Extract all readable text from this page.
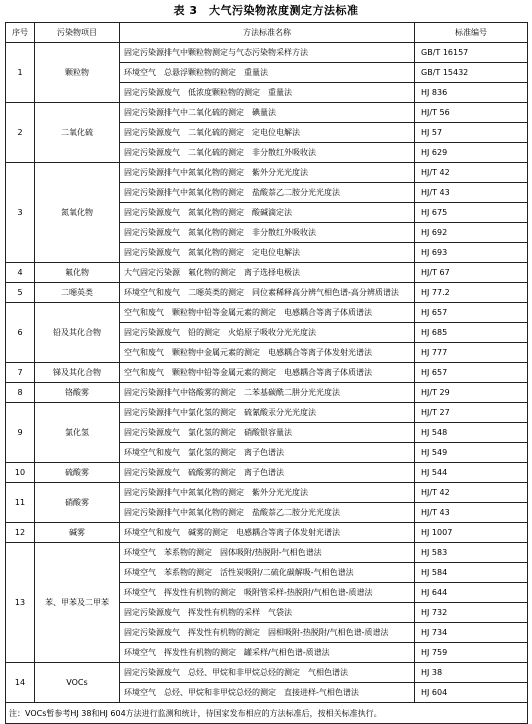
表 3　大气污染物浓度测定方法标准
序号	污染物项目	方法标准名称	标准编号
1	颗粒物	固定污染源排气中颗粒物测定与气态污染物采样方法	GB/T 16157
		环境空气　总悬浮颗粒物的测定　重量法	GB/T 15432
		固定污染源废气　低浓度颗粒物的测定　重量法	HJ 836
2	二氧化硫	固定污染源排气中二氧化硫的测定　碘量法	HJ/T 56
		固定污染源废气　二氧化硫的测定　定电位电解法	HJ 57
		固定污染源废气　二氧化硫的测定　非分散红外吸收法	HJ 629
3	氮氧化物	固定污染源排气中氮氧化物的测定　紫外分光光度法	HJ/T 42
		固定污染源排气中氮氧化物的测定　盐酸萘乙二胺分光光度法	HJ/T 43
		固定污染源废气　氮氧化物的测定　酸碱滴定法	HJ 675
		固定污染源废气　氮氧化物的测定　非分散红外吸收法	HJ 692
		固定污染源废气　氮氧化物的测定　定电位电解法	HJ 693
4	氟化物	大气固定污染源　氟化物的测定　离子选择电极法	HJ/T 67
5	二噁英类	环境空气和废气　二噁英类的测定　同位素稀释高分辨气相色谱-高分辨质谱法	HJ 77.2
6	铅及其化合物	空气和废气　颗粒物中铅等金属元素的测定　电感耦合等离子体质谱法	HJ 657
		固定污染源废气　铅的测定　火焰原子吸收分光光度法	HJ 685
		空气和废气　颗粒物中金属元素的测定　电感耦合等离子体发射光谱法	HJ 777
7	锑及其化合物	空气和废气　颗粒物中铅等金属元素的测定　电感耦合等离子体质谱法	HJ 657
8	铬酸雾	固定污染源排气中铬酸雾的测定　二苯基碳酰二肼分光光度法	HJ/T 29
9	氯化氢	固定污染源排气中氯化氢的测定　硫氰酸汞分光光度法	HJ/T 27
		固定污染源废气　氯化氢的测定　硝酸银容量法	HJ 548
		环境空气和废气　氯化氢的测定　离子色谱法	HJ 549
10	硫酸雾	固定污染源废气　硫酸雾的测定　离子色谱法	HJ 544
11	硝酸雾	固定污染源排气中氮氧化物的测定　紫外分光光度法	HJ/T 42
		固定污染源排气中氮氧化物的测定　盐酸萘乙二胺分光光度法	HJ/T 43
12	碱雾	环境空气和废气　碱雾的测定　电感耦合等离子体发射光谱法	HJ 1007
13	苯、甲苯及二甲苯	环境空气　苯系物的测定　固体吸附/热脱附-气相色谱法	HJ 583
		环境空气　苯系物的测定　活性炭吸附/二硫化碳解吸-气相色谱法	HJ 584
		环境空气　挥发性有机物的测定　吸附管采样-热脱附/气相色谱-质谱法	HJ 644
		固定污染源废气　挥发性有机物的采样　气袋法	HJ 732
		固定污染源废气　挥发性有机物的测定　固相吸附-热脱附/气相色谱-质谱法	HJ 734
		环境空气　挥发性有机物的测定　罐采样/气相色谱-质谱法	HJ 759
14	VOCs	固定污染源废气　总烃、甲烷和非甲烷总烃的测定　气相色谱法	HJ 38
		环境空气　总烃、甲烷和非甲烷总烃的测定　直接进样-气相色谱法	HJ 604
注：VOCs暂参考HJ 38和HJ 604方法进行监测和统计，待国家发布相应的方法标准后，按相关标准执行。			
